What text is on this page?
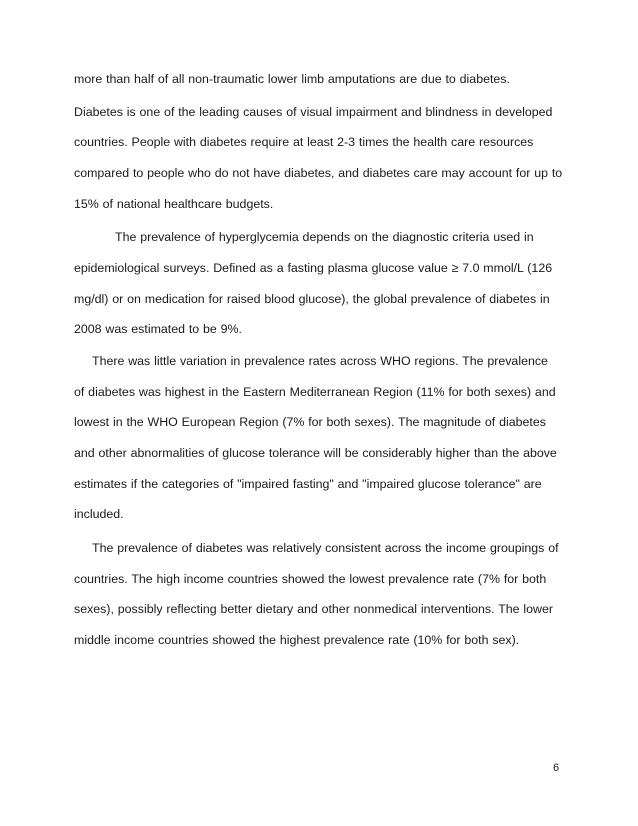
more than half of all non-traumatic lower limb amputations are due to diabetes.
Diabetes is one of the leading causes of visual impairment and blindness in developed
countries. People with diabetes require at least 2-3 times the health care resources
compared to people who do not have diabetes, and diabetes care may account for up to
15% of national healthcare budgets.
The prevalence of hyperglycemia depends on the diagnostic criteria used in
epidemiological surveys. Defined as a fasting plasma glucose value ≥ 7.0 mmol/L (126
mg/dl) or on medication for raised blood glucose), the global prevalence of diabetes in
2008 was estimated to be 9%.
There was little variation in prevalence rates across WHO regions. The prevalence
of diabetes was highest in the Eastern Mediterranean Region (11% for both sexes) and
lowest in the WHO European Region (7% for both sexes). The magnitude of diabetes
and other abnormalities of glucose tolerance will be considerably higher than the above
estimates if the categories of "impaired fasting" and "impaired glucose tolerance" are
included.
The prevalence of diabetes was relatively consistent across the income groupings of
countries. The high income countries showed the lowest prevalence rate (7% for both
sexes), possibly reflecting better dietary and other nonmedical interventions. The lower
middle income countries showed the highest prevalence rate (10% for both sex).
6
